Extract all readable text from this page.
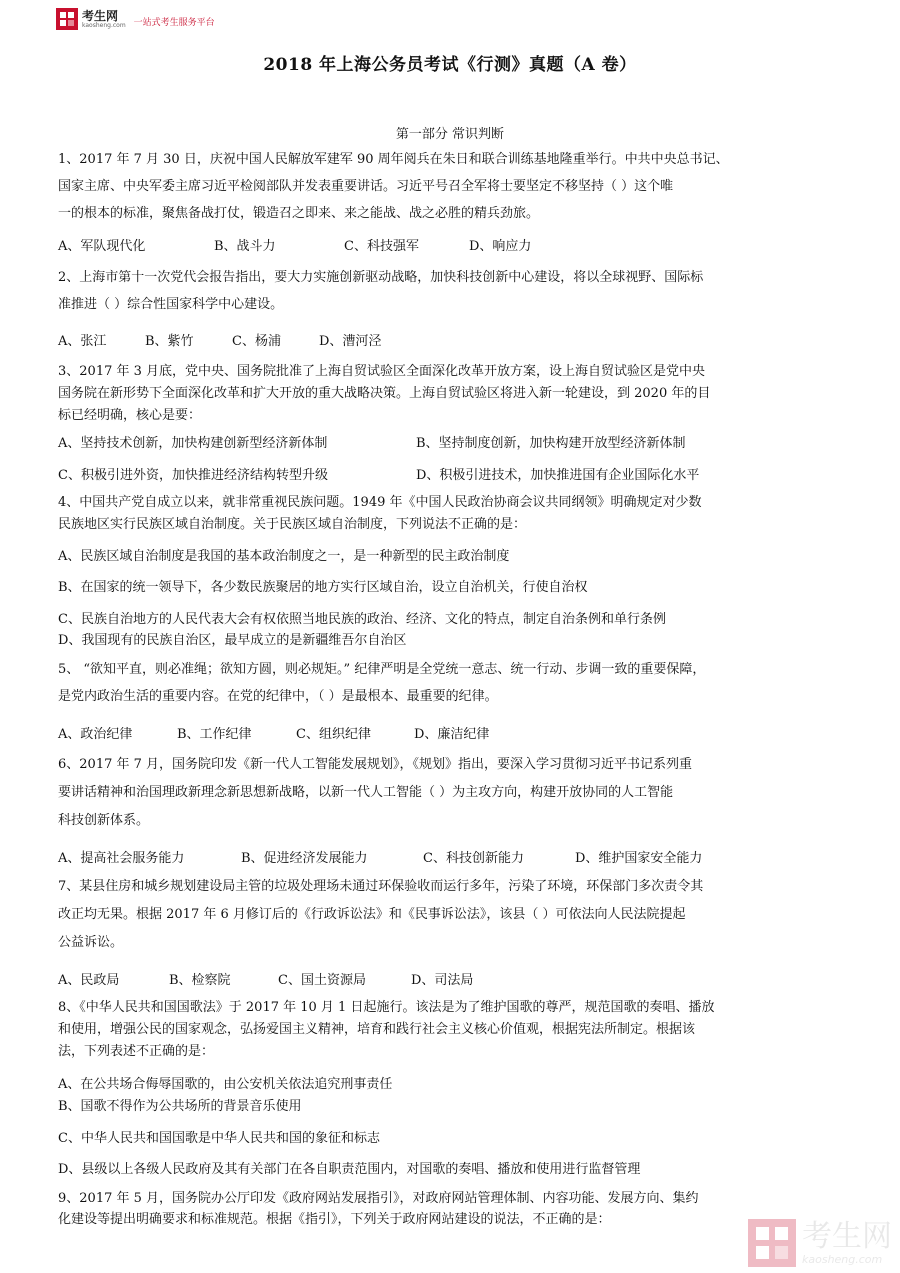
考生网
kaosheng.com 一站式考生服务平台
2018 年上海公务员考试《行测》真题（A 卷）
第一部分 常识判断
1、2017 年 7 月 30 日，庆祝中国人民解放军建军 90 周年阅兵在朱日和联合训练基地隆重举行。中共中央总书记、
国家主席、中央军委主席习近平检阅部队并发表重要讲话。习近平号召全军将士要坚定不移坚持（ ）这个唯
一的根本的标准，聚焦备战打仗，锻造召之即来、来之能战、战之必胜的精兵劲旅。
A、军队现代化	B、战斗力	C、科技强军	D、响应力
2、上海市第十一次党代会报告指出，要大力实施创新驱动战略，加快科技创新中心建设，将以全球视野、国际标
准推进（ ）综合性国家科学中心建设。
A、张江	B、紫竹	C、杨浦	D、漕河泾
3、2017 年 3 月底，党中央、国务院批准了上海自贸试验区全面深化改革开放方案，设上海自贸试验区是党中央
国务院在新形势下全面深化改革和扩大开放的重大战略决策。上海自贸试验区将进入新一轮建设，到 2020 年的目
标已经明确，核心是要：
A、坚持技术创新，加快构建创新型经济新体制	B、坚持制度创新，加快构建开放型经济新体制
C、积极引进外资，加快推进经济结构转型升级	D、积极引进技术，加快推进国有企业国际化水平
4、中国共产党自成立以来，就非常重视民族问题。1949 年《中国人民政治协商会议共同纲领》明确规定对少数
民族地区实行民族区域自治制度。关于民族区域自治制度，下列说法不正确的是：
A、民族区域自治制度是我国的基本政治制度之一，是一种新型的民主政治制度
B、在国家的统一领导下，各少数民族聚居的地方实行区域自治，设立自治机关，行使自治权
C、民族自治地方的人民代表大会有权依照当地民族的政治、经济、文化的特点，制定自治条例和单行条例
D、我国现有的民族自治区，最早成立的是新疆维吾尔自治区
5、 “欲知平直，则必准绳；欲知方圆，则必规矩。” 纪律严明是全党统一意志、统一行动、步调一致的重要保障，
是党内政治生活的重要内容。在党的纪律中，（ ）是最根本、最重要的纪律。
A、政治纪律	B、工作纪律	C、组织纪律	D、廉洁纪律
6、2017 年 7 月，国务院印发《新一代人工智能发展规划》，《规划》指出，要深入学习贯彻习近平书记系列重
要讲话精神和治国理政新理念新思想新战略，以新一代人工智能（ ）为主攻方向，构建开放协同的人工智能
科技创新体系。
A、提高社会服务能力	B、促进经济发展能力	C、科技创新能力	D、维护国家安全能力
7、某县住房和城乡规划建设局主管的垃圾处理场未通过环保验收而运行多年，污染了环境，环保部门多次责令其
改正均无果。根据 2017 年 6 月修订后的《行政诉讼法》和《民事诉讼法》，该县（ ）可依法向人民法院提起
公益诉讼。
A、民政局	B、检察院	C、国土资源局	D、司法局
8、《中华人民共和国国歌法》于 2017 年 10 月 1 日起施行。该法是为了维护国歌的尊严，规范国歌的奏唱、播放
和使用，增强公民的国家观念，弘扬爱国主义精神，培育和践行社会主义核心价值观，根据宪法所制定。根据该
法，下列表述不正确的是：
A、在公共场合侮辱国歌的，由公安机关依法追究刑事责任
B、国歌不得作为公共场所的背景音乐使用
C、中华人民共和国国歌是中华人民共和国的象征和标志
D、县级以上各级人民政府及其有关部门在各自职责范围内，对国歌的奏唱、播放和使用进行监督管理
9、2017 年 5 月，国务院办公厅印发《政府网站发展指引》，对政府网站管理体制、内容功能、发展方向、集约
化建设等提出明确要求和标准规范。根据《指引》，下列关于政府网站建设的说法，不正确的是：	考生网
kaosheng.com
